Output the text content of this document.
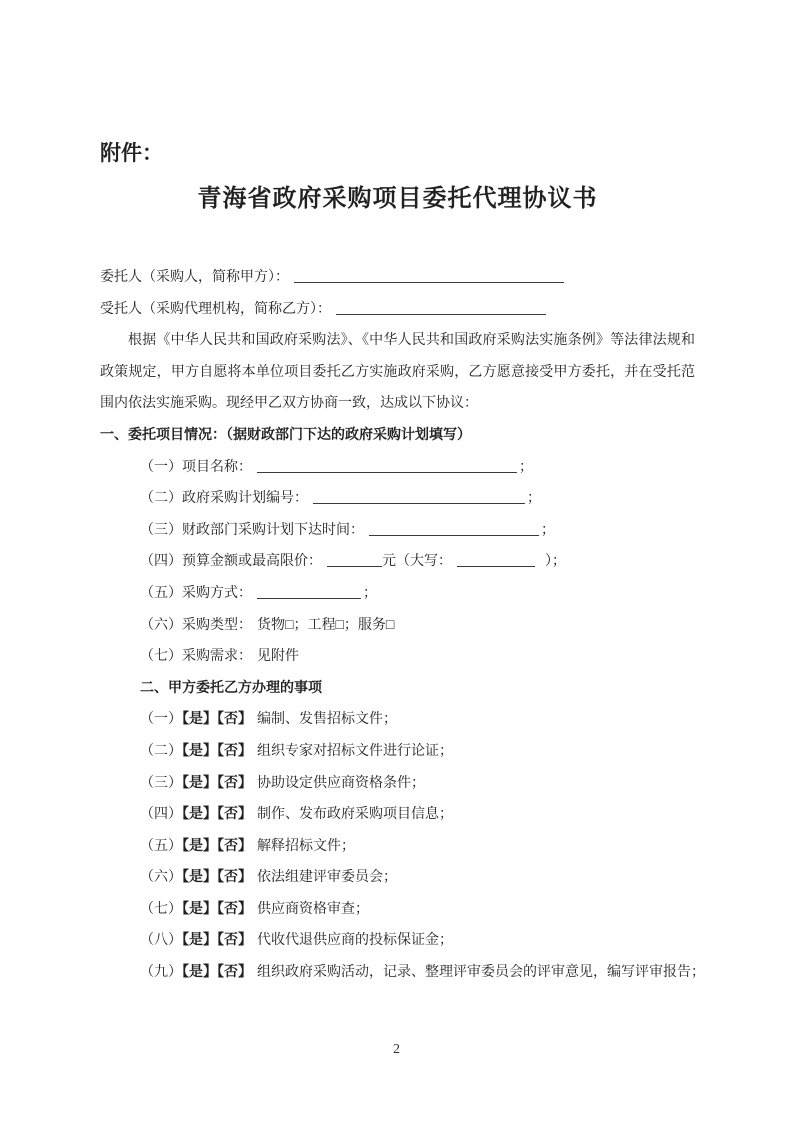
附件：
青海省政府采购项目委托代理协议书
委托人（采购人，简称甲方）：
受托人（采购代理机构，简称乙方）：

根据《中华人民共和国政府采购法》、《中华人民共和国政府采购法实施条例》等法律法规和政策规定，甲方自愿将本单位项目委托乙方实施政府采购，乙方愿意接受甲方委托，并在受托范围内依法实施采购。现经甲乙双方协商一致，达成以下协议：

一、委托项目情况：（据财政部门下达的政府采购计划填写）
（一）项目名称：	；
（二）政府采购计划编号：	；
（三）财政部门采购计划下达时间：	；
（四）预算金额或最高限价：	元（大写：	）；
（五）采购方式：	；
（六）采购类型： 货物□；工程□；服务□
（七）采购需求： 见附件
二、甲方委托乙方办理的事项
（一）【是】【否】 编制、发售招标文件；
（二）【是】【否】 组织专家对招标文件进行论证；
（三）【是】【否】 协助设定供应商资格条件；
（四）【是】【否】 制作、发布政府采购项目信息；
（五）【是】【否】 解释招标文件；
（六）【是】【否】 依法组建评审委员会；
（七）【是】【否】 供应商资格审查；
（八）【是】【否】 代收代退供应商的投标保证金；
（九）【是】【否】 组织政府采购活动，记录、整理评审委员会的评审意见，编写评审报告；
2
